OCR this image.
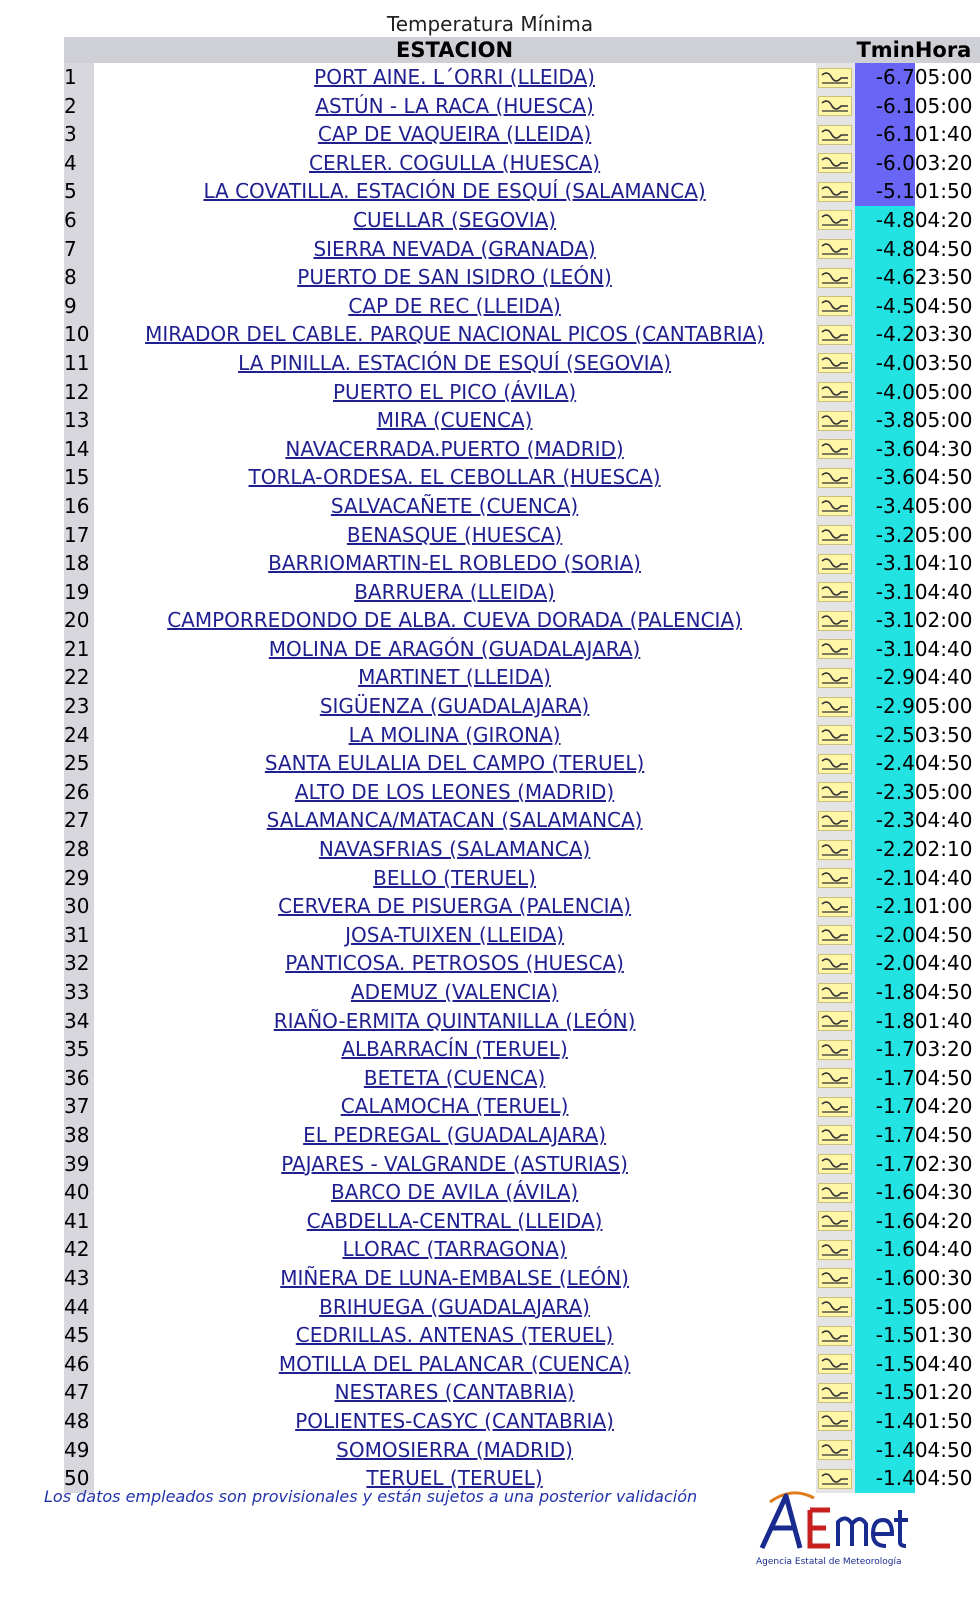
Temperatura Mínima
	ESTACION		Tmin	Hora
1	PORT AINE. L´ORRI (LLEIDA)		-6.7	05:00
2	ASTÚN - LA RACA (HUESCA)		-6.1	05:00
3	CAP DE VAQUEIRA (LLEIDA)		-6.1	01:40
4	CERLER. COGULLA (HUESCA)		-6.0	03:20
5	LA COVATILLA. ESTACIÓN DE ESQUÍ (SALAMANCA)		-5.1	01:50
6	CUELLAR (SEGOVIA)		-4.8	04:20
7	SIERRA NEVADA (GRANADA)		-4.8	04:50
8	PUERTO DE SAN ISIDRO (LEÓN)		-4.6	23:50
9	CAP DE REC (LLEIDA)		-4.5	04:50
10	MIRADOR DEL CABLE. PARQUE NACIONAL PICOS (CANTABRIA)		-4.2	03:30
11	LA PINILLA. ESTACIÓN DE ESQUÍ (SEGOVIA)		-4.0	03:50
12	PUERTO EL PICO (ÁVILA)		-4.0	05:00
13	MIRA (CUENCA)		-3.8	05:00
14	NAVACERRADA.PUERTO (MADRID)		-3.6	04:30
15	TORLA-ORDESA. EL CEBOLLAR (HUESCA)		-3.6	04:50
16	SALVACAÑETE (CUENCA)		-3.4	05:00
17	BENASQUE (HUESCA)		-3.2	05:00
18	BARRIOMARTIN-EL ROBLEDO (SORIA)		-3.1	04:10
19	BARRUERA (LLEIDA)		-3.1	04:40
20	CAMPORREDONDO DE ALBA. CUEVA DORADA (PALENCIA)		-3.1	02:00
21	MOLINA DE ARAGÓN (GUADALAJARA)		-3.1	04:40
22	MARTINET (LLEIDA)		-2.9	04:40
23	SIGÜENZA (GUADALAJARA)		-2.9	05:00
24	LA MOLINA (GIRONA)		-2.5	03:50
25	SANTA EULALIA DEL CAMPO (TERUEL)		-2.4	04:50
26	ALTO DE LOS LEONES (MADRID)		-2.3	05:00
27	SALAMANCA/MATACAN (SALAMANCA)		-2.3	04:40
28	NAVASFRIAS (SALAMANCA)		-2.2	02:10
29	BELLO (TERUEL)		-2.1	04:40
30	CERVERA DE PISUERGA (PALENCIA)		-2.1	01:00
31	JOSA-TUIXEN (LLEIDA)		-2.0	04:50
32	PANTICOSA. PETROSOS (HUESCA)		-2.0	04:40
33	ADEMUZ (VALENCIA)		-1.8	04:50
34	RIAÑO-ERMITA QUINTANILLA (LEÓN)		-1.8	01:40
35	ALBARRACÍN (TERUEL)		-1.7	03:20
36	BETETA (CUENCA)		-1.7	04:50
37	CALAMOCHA (TERUEL)		-1.7	04:20
38	EL PEDREGAL (GUADALAJARA)		-1.7	04:50
39	PAJARES - VALGRANDE (ASTURIAS)		-1.7	02:30
40	BARCO DE AVILA (ÁVILA)		-1.6	04:30
41	CABDELLA-CENTRAL (LLEIDA)		-1.6	04:20
42	LLORAC (TARRAGONA)		-1.6	04:40
43	MIÑERA DE LUNA-EMBALSE (LEÓN)		-1.6	00:30
44	BRIHUEGA (GUADALAJARA)		-1.5	05:00
45	CEDRILLAS. ANTENAS (TERUEL)		-1.5	01:30
46	MOTILLA DEL PALANCAR (CUENCA)		-1.5	04:40
47	NESTARES (CANTABRIA)		-1.5	01:20
48	POLIENTES-CASYC (CANTABRIA)		-1.4	01:50
49	SOMOSIERRA (MADRID)		-1.4	04:50
50	TERUEL (TERUEL)		-1.4	04:50
Los datos empleados son provisionales y están sujetos a una posterior validación
Agencia Estatal de Meteorología
